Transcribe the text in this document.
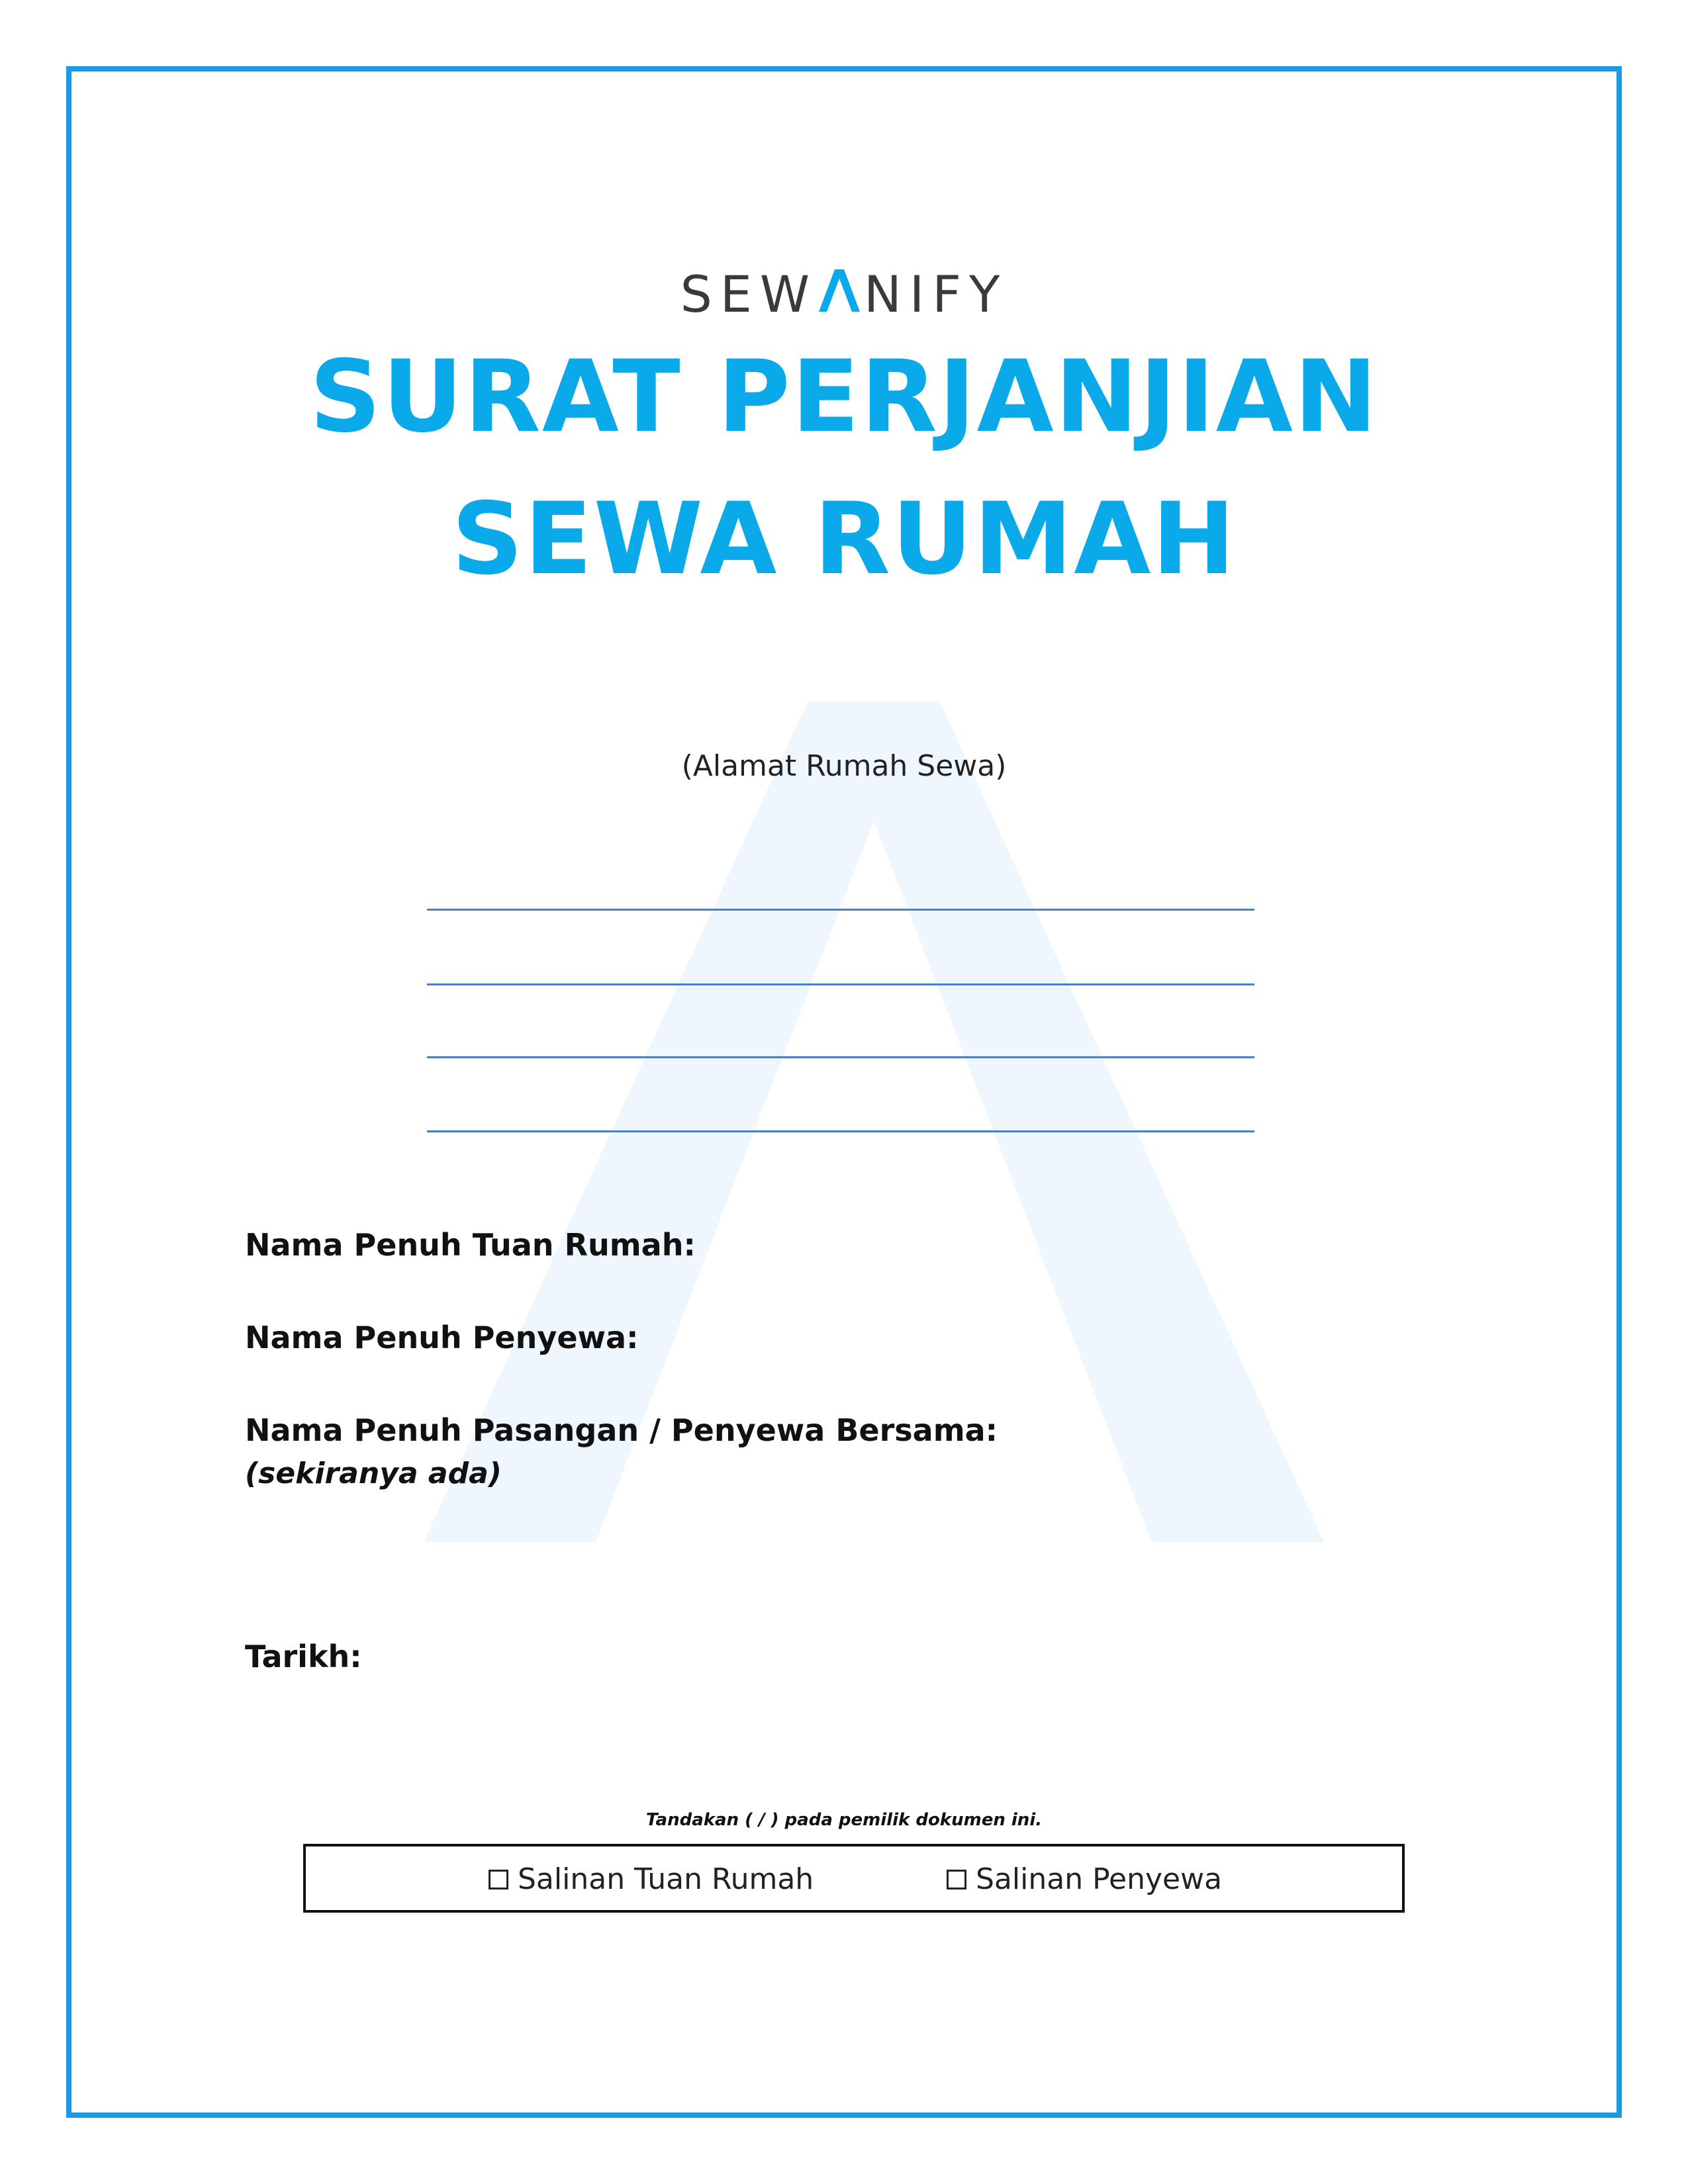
SEW NIFY
SURAT PERJANJIAN
SEWA RUMAH
(Alamat Rumah Sewa)
Nama Penuh Tuan Rumah:
Nama Penuh Penyewa:
Nama Penuh Pasangan / Penyewa Bersama:
(sekiranya ada)
Tarikh:
Tandakan ( / ) pada pemilik dokumen ini.
Salinan Tuan Rumah	Salinan Penyewa
